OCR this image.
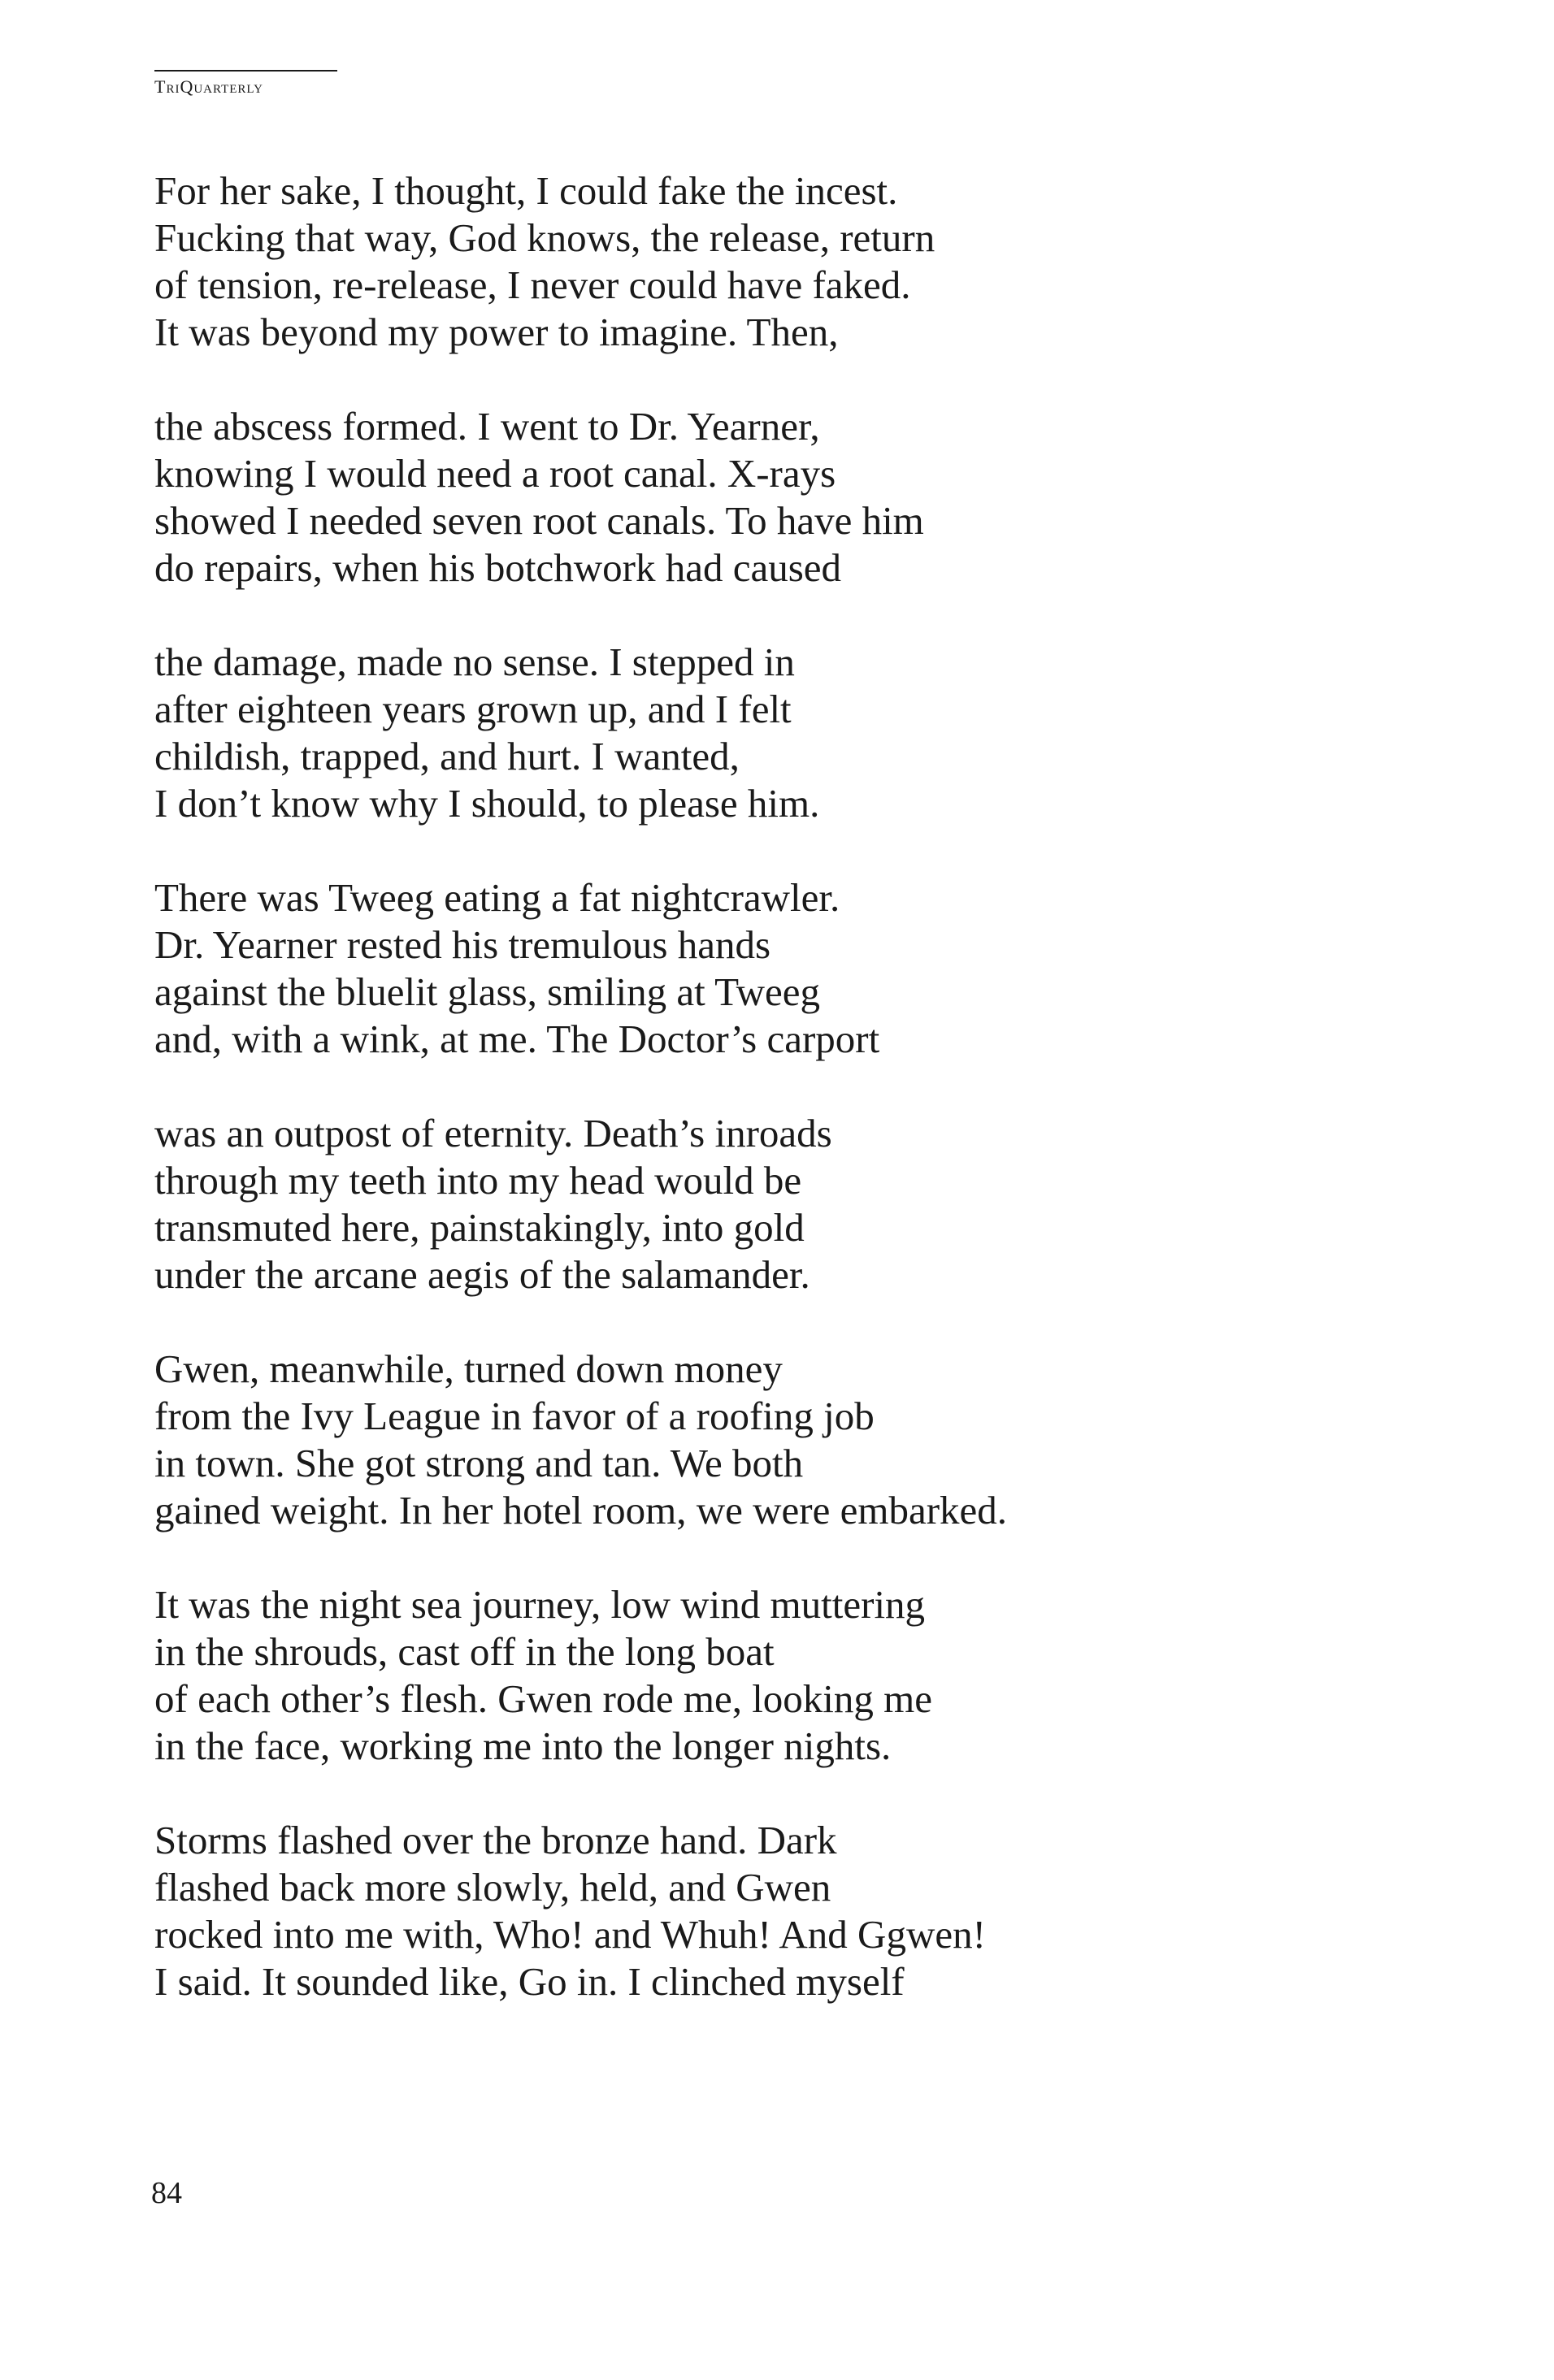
TriQuarterly
For her sake, I thought, I could fake the incest.
Fucking that way, God knows, the release, return
of tension, re-release, I never could have faked.
It was beyond my power to imagine. Then,
the abscess formed. I went to Dr. Yearner,
knowing I would need a root canal. X-rays
showed I needed seven root canals. To have him
do repairs, when his botchwork had caused
the damage, made no sense. I stepped in
after eighteen years grown up, and I felt
childish, trapped, and hurt. I wanted,
I don’t know why I should, to please him.
There was Tweeg eating a fat nightcrawler.
Dr. Yearner rested his tremulous hands
against the bluelit glass, smiling at Tweeg
and, with a wink, at me. The Doctor’s carport
was an outpost of eternity. Death’s inroads
through my teeth into my head would be
transmuted here, painstakingly, into gold
under the arcane aegis of the salamander.
Gwen, meanwhile, turned down money
from the Ivy League in favor of a roofing job
in town. She got strong and tan. We both
gained weight. In her hotel room, we were embarked.
It was the night sea journey, low wind muttering
in the shrouds, cast off in the long boat
of each other’s flesh. Gwen rode me, looking me
in the face, working me into the longer nights.
Storms flashed over the bronze hand. Dark
flashed back more slowly, held, and Gwen
rocked into me with, Who! and Whuh! And Ggwen!
I said. It sounded like, Go in. I clinched myself
84
